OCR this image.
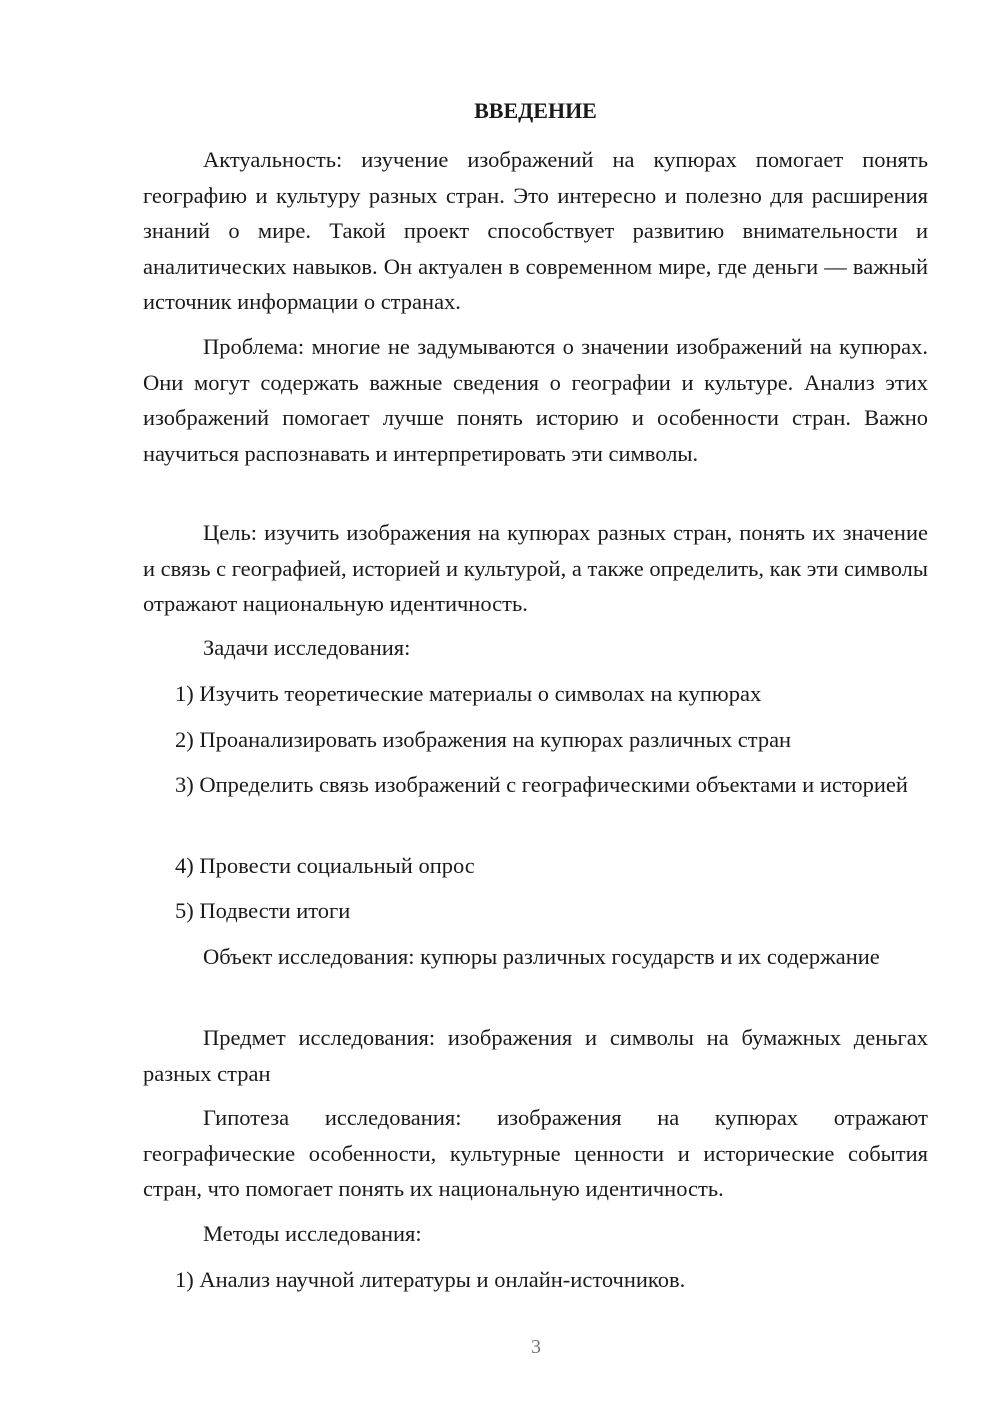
ВВЕДЕНИЕ

Актуальность: изучение изображений на купюрах помогает понять географию и культуру разных стран. Это интересно и полезно для расширения знаний о мире. Такой проект способствует развитию внимательности и аналитических навыков. Он актуален в современном мире, где деньги — важный источник информации о странах.

Проблема: многие не задумываются о значении изображений на купюрах. Они могут содержать важные сведения о географии и культуре. Анализ этих изображений помогает лучше понять историю и особенности стран. Важно научиться распознавать и интерпретировать эти символы.

Цель: изучить изображения на купюрах разных стран, понять их значение и связь с географией, историей и культурой, а также определить, как эти символы отражают национальную идентичность.

Задачи исследования:

1) Изучить теоретические материалы о символах на купюрах

2) Проанализировать изображения на купюрах различных стран

3) Определить связь изображений с географическими объектами и историей

4) Провести социальный опрос

5) Подвести итоги

Объект исследования: купюры различных государств и их содержание

Предмет исследования: изображения и символы на бумажных деньгах разных стран

Гипотеза исследования: изображения на купюрах отражают географические особенности, культурные ценности и исторические события стран, что помогает понять их национальную идентичность.

Методы исследования:

1) Анализ научной литературы и онлайн-источников.

3
